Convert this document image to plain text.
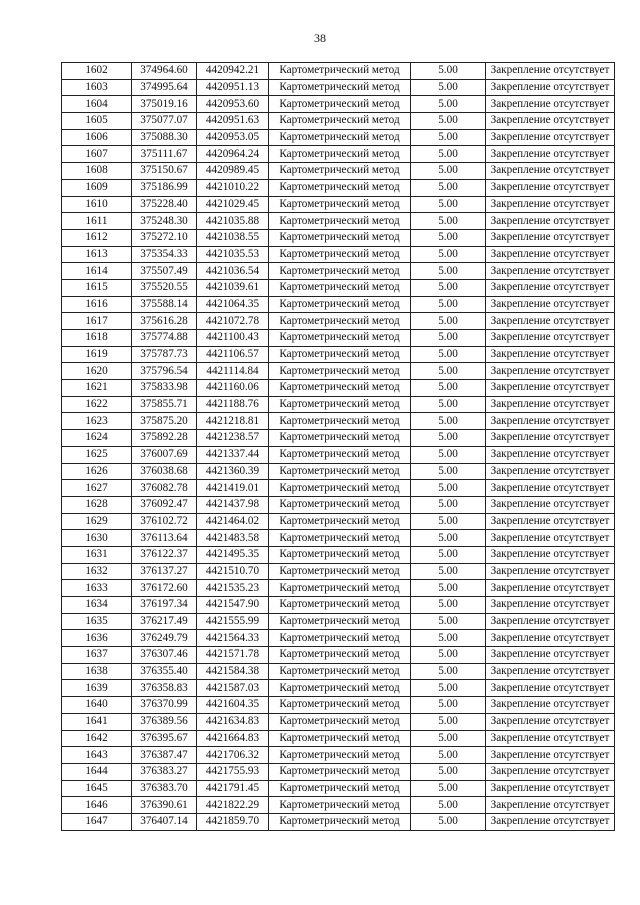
38
1602	374964.60	4420942.21	Картометрический метод	5.00	Закрепление отсутствует
1603	374995.64	4420951.13	Картометрический метод	5.00	Закрепление отсутствует
1604	375019.16	4420953.60	Картометрический метод	5.00	Закрепление отсутствует
1605	375077.07	4420951.63	Картометрический метод	5.00	Закрепление отсутствует
1606	375088.30	4420953.05	Картометрический метод	5.00	Закрепление отсутствует
1607	375111.67	4420964.24	Картометрический метод	5.00	Закрепление отсутствует
1608	375150.67	4420989.45	Картометрический метод	5.00	Закрепление отсутствует
1609	375186.99	4421010.22	Картометрический метод	5.00	Закрепление отсутствует
1610	375228.40	4421029.45	Картометрический метод	5.00	Закрепление отсутствует
1611	375248.30	4421035.88	Картометрический метод	5.00	Закрепление отсутствует
1612	375272.10	4421038.55	Картометрический метод	5.00	Закрепление отсутствует
1613	375354.33	4421035.53	Картометрический метод	5.00	Закрепление отсутствует
1614	375507.49	4421036.54	Картометрический метод	5.00	Закрепление отсутствует
1615	375520.55	4421039.61	Картометрический метод	5.00	Закрепление отсутствует
1616	375588.14	4421064.35	Картометрический метод	5.00	Закрепление отсутствует
1617	375616.28	4421072.78	Картометрический метод	5.00	Закрепление отсутствует
1618	375774.88	4421100.43	Картометрический метод	5.00	Закрепление отсутствует
1619	375787.73	4421106.57	Картометрический метод	5.00	Закрепление отсутствует
1620	375796.54	4421114.84	Картометрический метод	5.00	Закрепление отсутствует
1621	375833.98	4421160.06	Картометрический метод	5.00	Закрепление отсутствует
1622	375855.71	4421188.76	Картометрический метод	5.00	Закрепление отсутствует
1623	375875.20	4421218.81	Картометрический метод	5.00	Закрепление отсутствует
1624	375892.28	4421238.57	Картометрический метод	5.00	Закрепление отсутствует
1625	376007.69	4421337.44	Картометрический метод	5.00	Закрепление отсутствует
1626	376038.68	4421360.39	Картометрический метод	5.00	Закрепление отсутствует
1627	376082.78	4421419.01	Картометрический метод	5.00	Закрепление отсутствует
1628	376092.47	4421437.98	Картометрический метод	5.00	Закрепление отсутствует
1629	376102.72	4421464.02	Картометрический метод	5.00	Закрепление отсутствует
1630	376113.64	4421483.58	Картометрический метод	5.00	Закрепление отсутствует
1631	376122.37	4421495.35	Картометрический метод	5.00	Закрепление отсутствует
1632	376137.27	4421510.70	Картометрический метод	5.00	Закрепление отсутствует
1633	376172.60	4421535.23	Картометрический метод	5.00	Закрепление отсутствует
1634	376197.34	4421547.90	Картометрический метод	5.00	Закрепление отсутствует
1635	376217.49	4421555.99	Картометрический метод	5.00	Закрепление отсутствует
1636	376249.79	4421564.33	Картометрический метод	5.00	Закрепление отсутствует
1637	376307.46	4421571.78	Картометрический метод	5.00	Закрепление отсутствует
1638	376355.40	4421584.38	Картометрический метод	5.00	Закрепление отсутствует
1639	376358.83	4421587.03	Картометрический метод	5.00	Закрепление отсутствует
1640	376370.99	4421604.35	Картометрический метод	5.00	Закрепление отсутствует
1641	376389.56	4421634.83	Картометрический метод	5.00	Закрепление отсутствует
1642	376395.67	4421664.83	Картометрический метод	5.00	Закрепление отсутствует
1643	376387.47	4421706.32	Картометрический метод	5.00	Закрепление отсутствует
1644	376383.27	4421755.93	Картометрический метод	5.00	Закрепление отсутствует
1645	376383.70	4421791.45	Картометрический метод	5.00	Закрепление отсутствует
1646	376390.61	4421822.29	Картометрический метод	5.00	Закрепление отсутствует
1647	376407.14	4421859.70	Картометрический метод	5.00	Закрепление отсутствует
